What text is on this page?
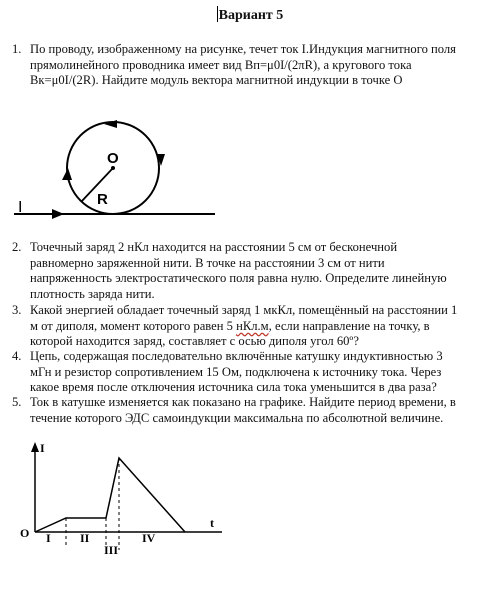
Вариант 5
1. По проводу, изображенному на рисунке, течет ток I.Индукция магнитного поля
прямолинейного проводника имеет вид Bп=μ0I/(2πR), а кругового тока
Bк=μ0I/(2R). Найдите модуль вектора магнитной индукции в точке О
O
R
I
2. Точечный заряд 2 нКл находится на расстоянии 5 см от бесконечной
равномерно заряженной нити. В точке на расстоянии 3 см от нити
напряженность электростатического поля равна нулю. Определите линейную
плотность заряда нити.
3. Какой энергией обладает точечный заряд 1 мкКл, помещённый на расстоянии 1
м от диполя, момент которого равен 5 нКл.м, если направление на точку, в
которой находится заряд, составляет с осью диполя угол 60º?
4. Цепь, содержащая последовательно включённые катушку индуктивностью 3
мГн и резистор сопротивлением 15 Ом, подключена к источнику тока. Через
какое время после отключения источника сила тока уменьшится в два раза?
5. Ток в катушке изменяется как показано на графике. Найдите период времени, в
течение которого ЭДС самоиндукции максимальна по абсолютной величине.
I
O
t
I II
III
IV
